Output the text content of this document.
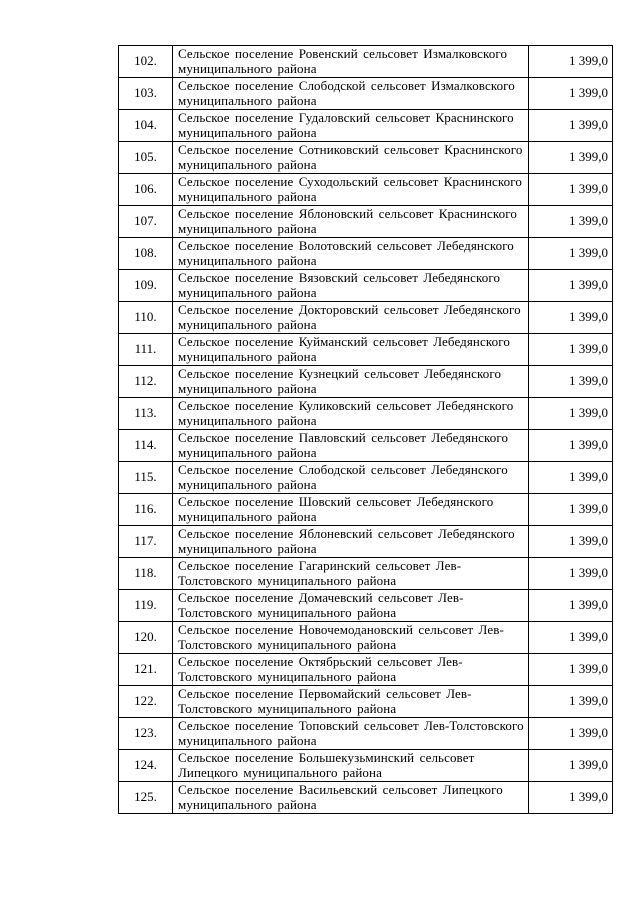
102.	Сельское поселение Ровенский сельсовет Измалковского муниципального района	1 399,0
103.	Сельское поселение Слободской сельсовет Измалковского муниципального района	1 399,0
104.	Сельское поселение Гудаловский сельсовет Краснинского муниципального района	1 399,0
105.	Сельское поселение Сотниковский сельсовет Краснинского муниципального района	1 399,0
106.	Сельское поселение Суходольский сельсовет Краснинского муниципального района	1 399,0
107.	Сельское поселение Яблоновский сельсовет Краснинского муниципального района	1 399,0
108.	Сельское поселение Волотовский сельсовет Лебедянского муниципального района	1 399,0
109.	Сельское поселение Вязовский сельсовет Лебедянского муниципального района	1 399,0
110.	Сельское поселение Докторовский сельсовет Лебедянского муниципального района	1 399,0
111.	Сельское поселение Куйманский сельсовет Лебедянского муниципального района	1 399,0
112.	Сельское поселение Кузнецкий сельсовет Лебедянского муниципального района	1 399,0
113.	Сельское поселение Куликовский сельсовет Лебедянского муниципального района	1 399,0
114.	Сельское поселение Павловский сельсовет Лебедянского муниципального района	1 399,0
115.	Сельское поселение Слободской сельсовет Лебедянского муниципального района	1 399,0
116.	Сельское поселение Шовский сельсовет Лебедянского муниципального района	1 399,0
117.	Сельское поселение Яблоневский сельсовет Лебедянского муниципального района	1 399,0
118.	Сельское поселение Гагаринский сельсовет Лев-Толстовского муниципального района	1 399,0
119.	Сельское поселение Домачевский сельсовет Лев-Толстовского муниципального района	1 399,0
120.	Сельское поселение Новочемодановский сельсовет Лев-Толстовского муниципального района	1 399,0
121.	Сельское поселение Октябрьский сельсовет Лев-Толстовского муниципального района	1 399,0
122.	Сельское поселение Первомайский сельсовет Лев-Толстовского муниципального района	1 399,0
123.	Сельское поселение Топовский сельсовет Лев-Толстовского муниципального района	1 399,0
124.	Сельское поселение Большекузьминский сельсовет Липецкого муниципального района	1 399,0
125.	Сельское поселение Васильевский сельсовет Липецкого муниципального района	1 399,0
